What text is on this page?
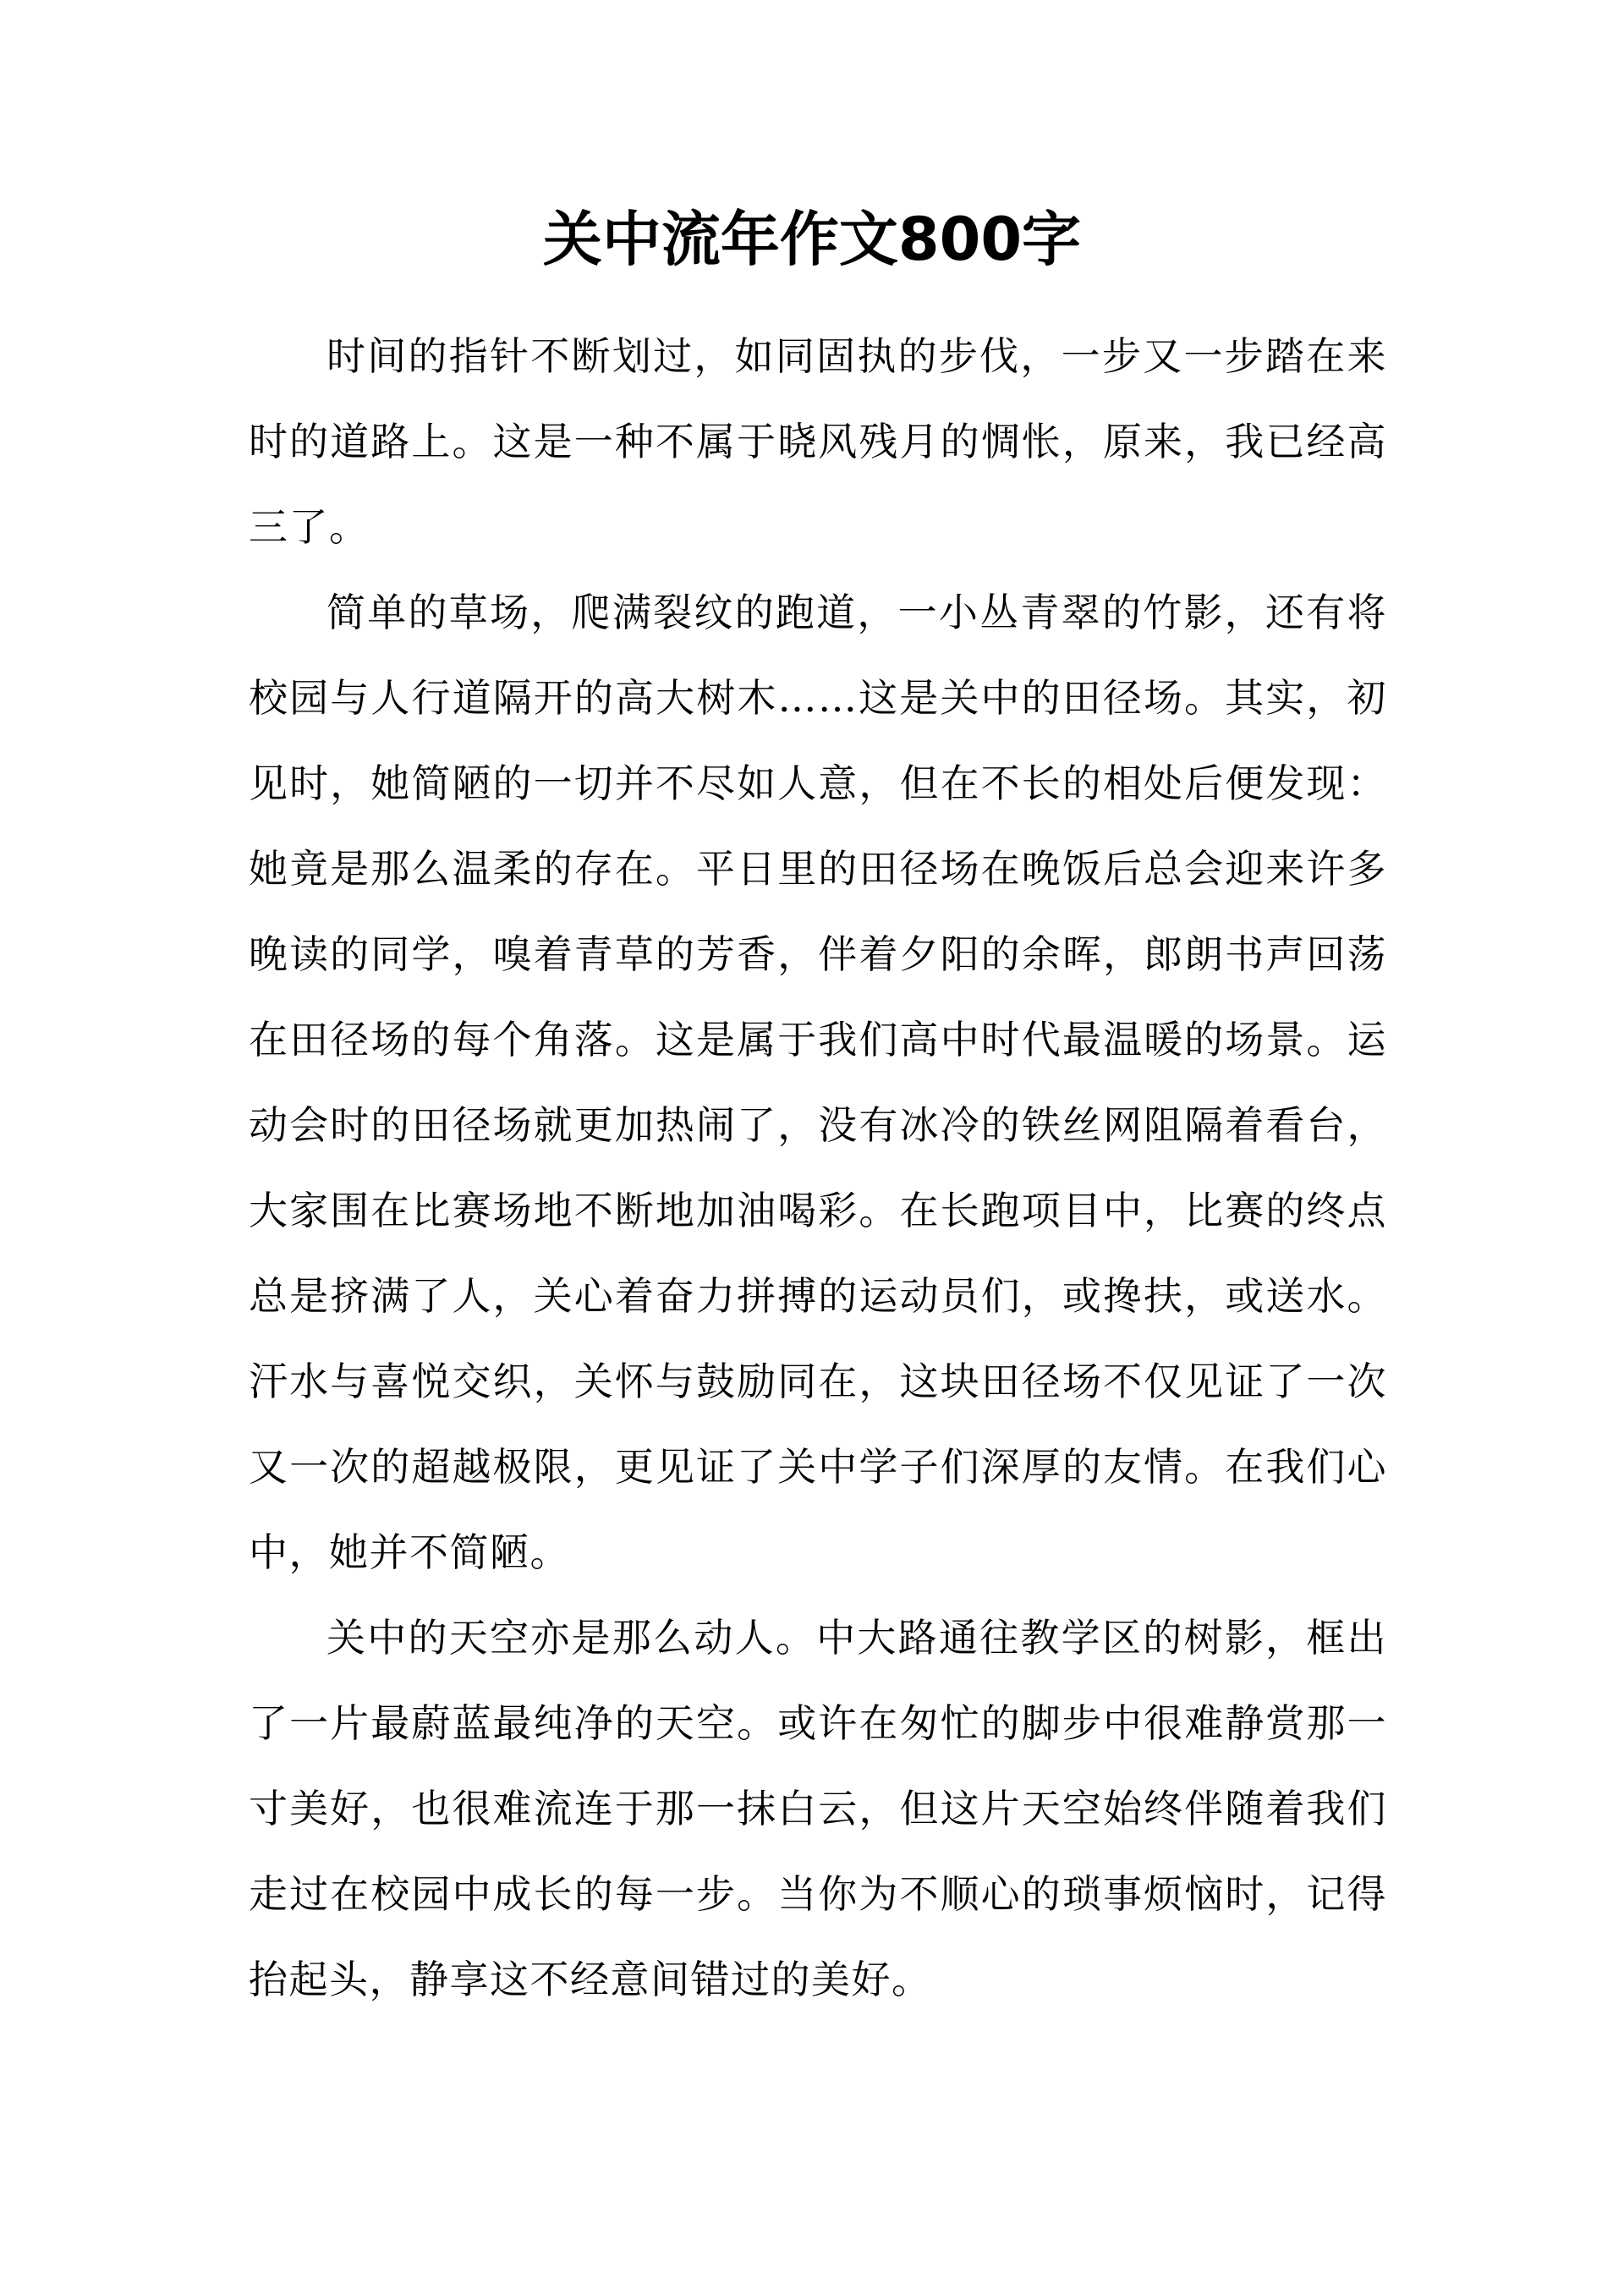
关中流年作文800字

时间的指针不断划过，如同固执的步伐，一步又一步踏在来时的道路上。这是一种不属于晓风残月的惆怅，原来，我已经高三了。

简单的草场，爬满裂纹的跑道，一小丛青翠的竹影，还有将校园与人行道隔开的高大树木……这是关中的田径场。其实，初见时，她简陋的一切并不尽如人意，但在不长的相处后便发现：她竟是那么温柔的存在。平日里的田径场在晚饭后总会迎来许多晚读的同学，嗅着青草的芳香，伴着夕阳的余晖，郎朗书声回荡在田径场的每个角落。这是属于我们高中时代最温暖的场景。运动会时的田径场就更加热闹了，没有冰冷的铁丝网阻隔着看台，大家围在比赛场地不断地加油喝彩。在长跑项目中，比赛的终点总是挤满了人，关心着奋力拼搏的运动员们，或搀扶，或送水。汗水与喜悦交织，关怀与鼓励同在，这块田径场不仅见证了一次又一次的超越极限，更见证了关中学子们深厚的友情。在我们心中，她并不简陋。

关中的天空亦是那么动人。中大路通往教学区的树影，框出了一片最蔚蓝最纯净的天空。或许在匆忙的脚步中很难静赏那一寸美好，也很难流连于那一抹白云，但这片天空始终伴随着我们走过在校园中成长的每一步。当你为不顺心的琐事烦恼时，记得抬起头，静享这不经意间错过的美好。
